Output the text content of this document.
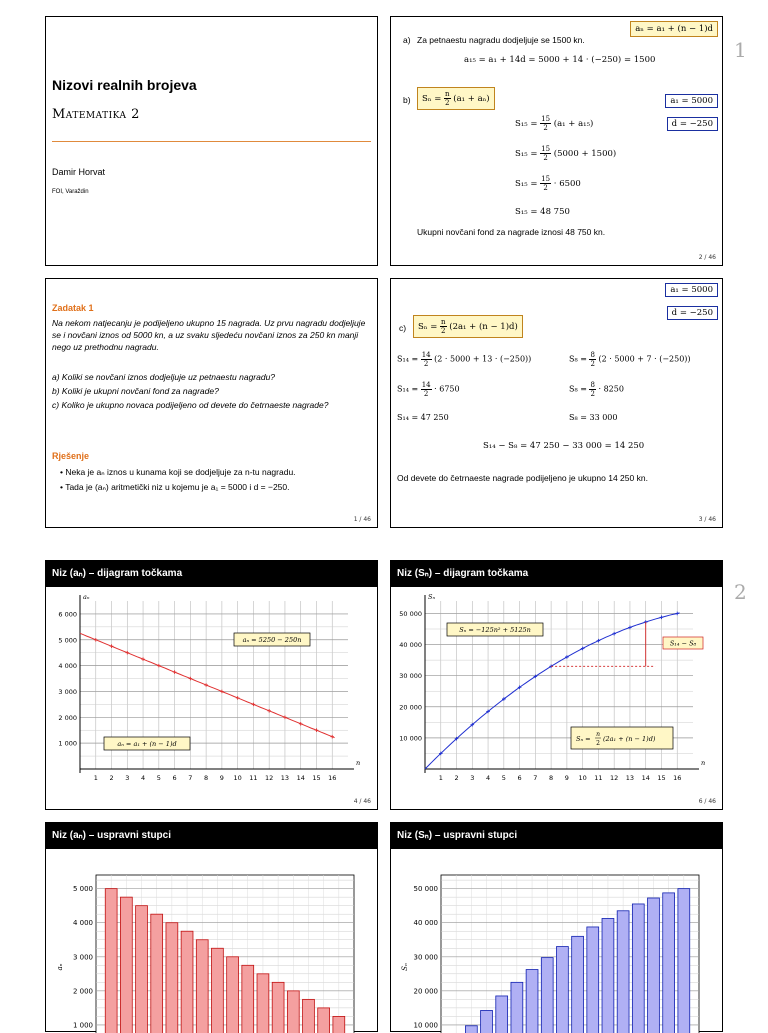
1
2
Nizovi realnih brojeva
Matematika 2
Damir Horvat
FOI, Varaždin
aₙ = a₁ + (n − 1)d
a) Za petnaestu nagradu dodjeljuje se 1500 kn.
a₁₅ = a₁ + 14d = 5000 + 14 · (−250) = 1500
b)	$S_n = \frac{n}{2} (a_1 + a_n)$	a₁ = 5000
d = −250
$S_{15} = \frac{15}{2} (a_1 + a_{15})$
$S_{15} = \frac{15}{2} (5000 + 1500)$
$S_{15} = \frac{15}{2} \cdot 6500$
S₁₅ = 48 750
Ukupni novčani fond za nagrade iznosi 48 750 kn.
2 / 46
Zadatak 1
Na nekom natjecanju je podijeljeno ukupno 15 nagrada. Uz prvu nagradu dodjeljuje se i novčani iznos od 5000 kn, a uz svaku sljedeću novčani iznos za 250 kn manji nego uz prethodnu nagradu.
a) Koliki se novčani iznos dodjeljuje uz petnaestu nagradu?
b) Koliki je ukupni novčani fond za nagrade?
c) Koliko je ukupno novaca podijeljeno od devete do četrnaeste nagrade?
Rješenje
• Neka je aₙ iznos u kunama koji se dodjeljuje za n-tu nagradu.
• Tada je (aₙ) aritmetički niz u kojemu je a₁ = 5000 i d = −250.
1 / 46
a₁ = 5000
d = −250
c)	$S_n = \frac{n}{2} (2a_1 + (n - 1)d)$
$S_{14} = \frac{14}{2} (2 \cdot 5000 + 13 \cdot (-250))$
$S_{14} = \frac{14}{2} \cdot 6750$
S₁₄ = 47 250
$S_8 = \frac{8}{2} (2 \cdot 5000 + 7 \cdot (-250))$
$S_8 = \frac{8}{2} \cdot 8250$
S₈ = 33 000
S₁₄ − S₈ = 47 250 − 33 000 = 14 250
Od devete do četrnaeste nagrade podijeljeno je ukupno 14 250 kn.
3 / 46
Niz (aₙ) – dijagram točkama
1 2 3 4 5 6 7 8 9 10 11 12 13 14 15 16
1 000
2 000
3 000
4 000
5 000
6 000
n
aₙ
aₙ = 5250 − 250n
aₙ = a₁ + (n − 1)d
4 / 46
Niz (Sₙ) – dijagram točkama
1 2 3 4 5 6 7 8 9 10 11 12 13 14 15 16
10 000
20 000
30 000
40 000
50 000
n
Sₙ
Sₙ = −125n² + 5125n
S₁₄ − S₈
Sₙ =
n
2
(2a₁ + (n − 1)d)
6 / 46
Niz (aₙ) – uspravni stupci
1 000
2 000
3 000
4 000
5 000
aₙ
Niz (Sₙ) – uspravni stupci
10 000
20 000
30 000
40 000
50 000
Sₙ
